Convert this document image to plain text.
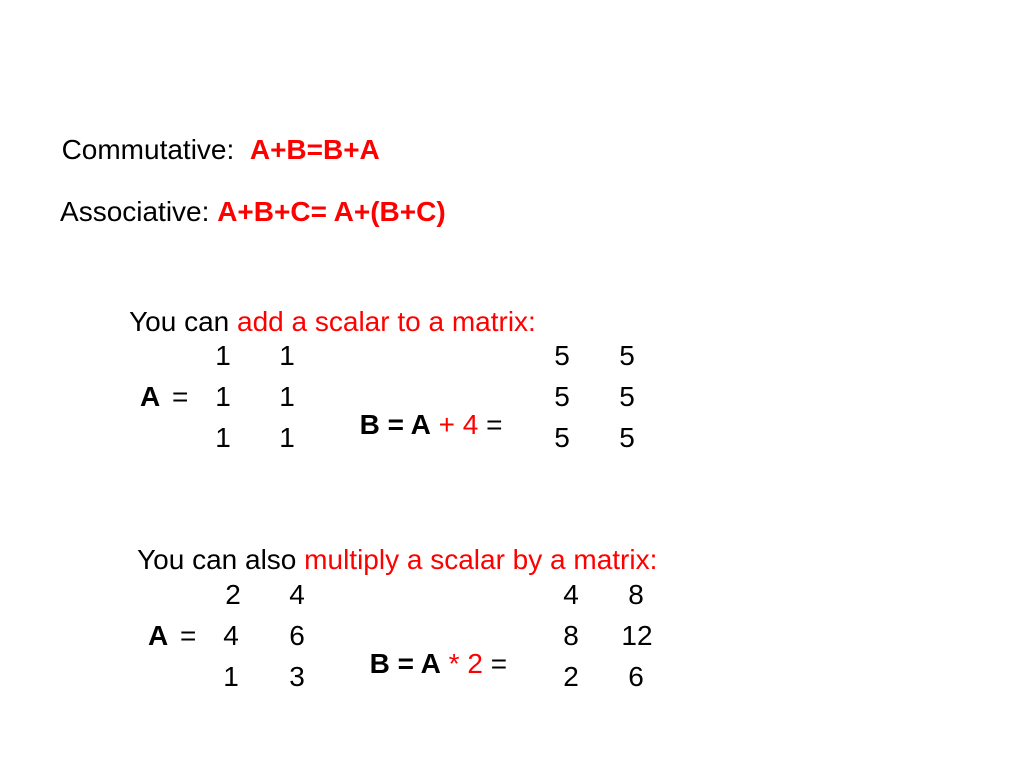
Commutative: A+B=B+A

Associative: A+B+C= A+(B+C)

You can add a scalar to a matrix:

1	1
1	1
1	1
A =

B = A + 4 =

5	5
5	5
5	5

You can also multiply a scalar by a matrix:

2	4
4	6
1	3
A =

B = A * 2 =

4	8
8	12
2	6
